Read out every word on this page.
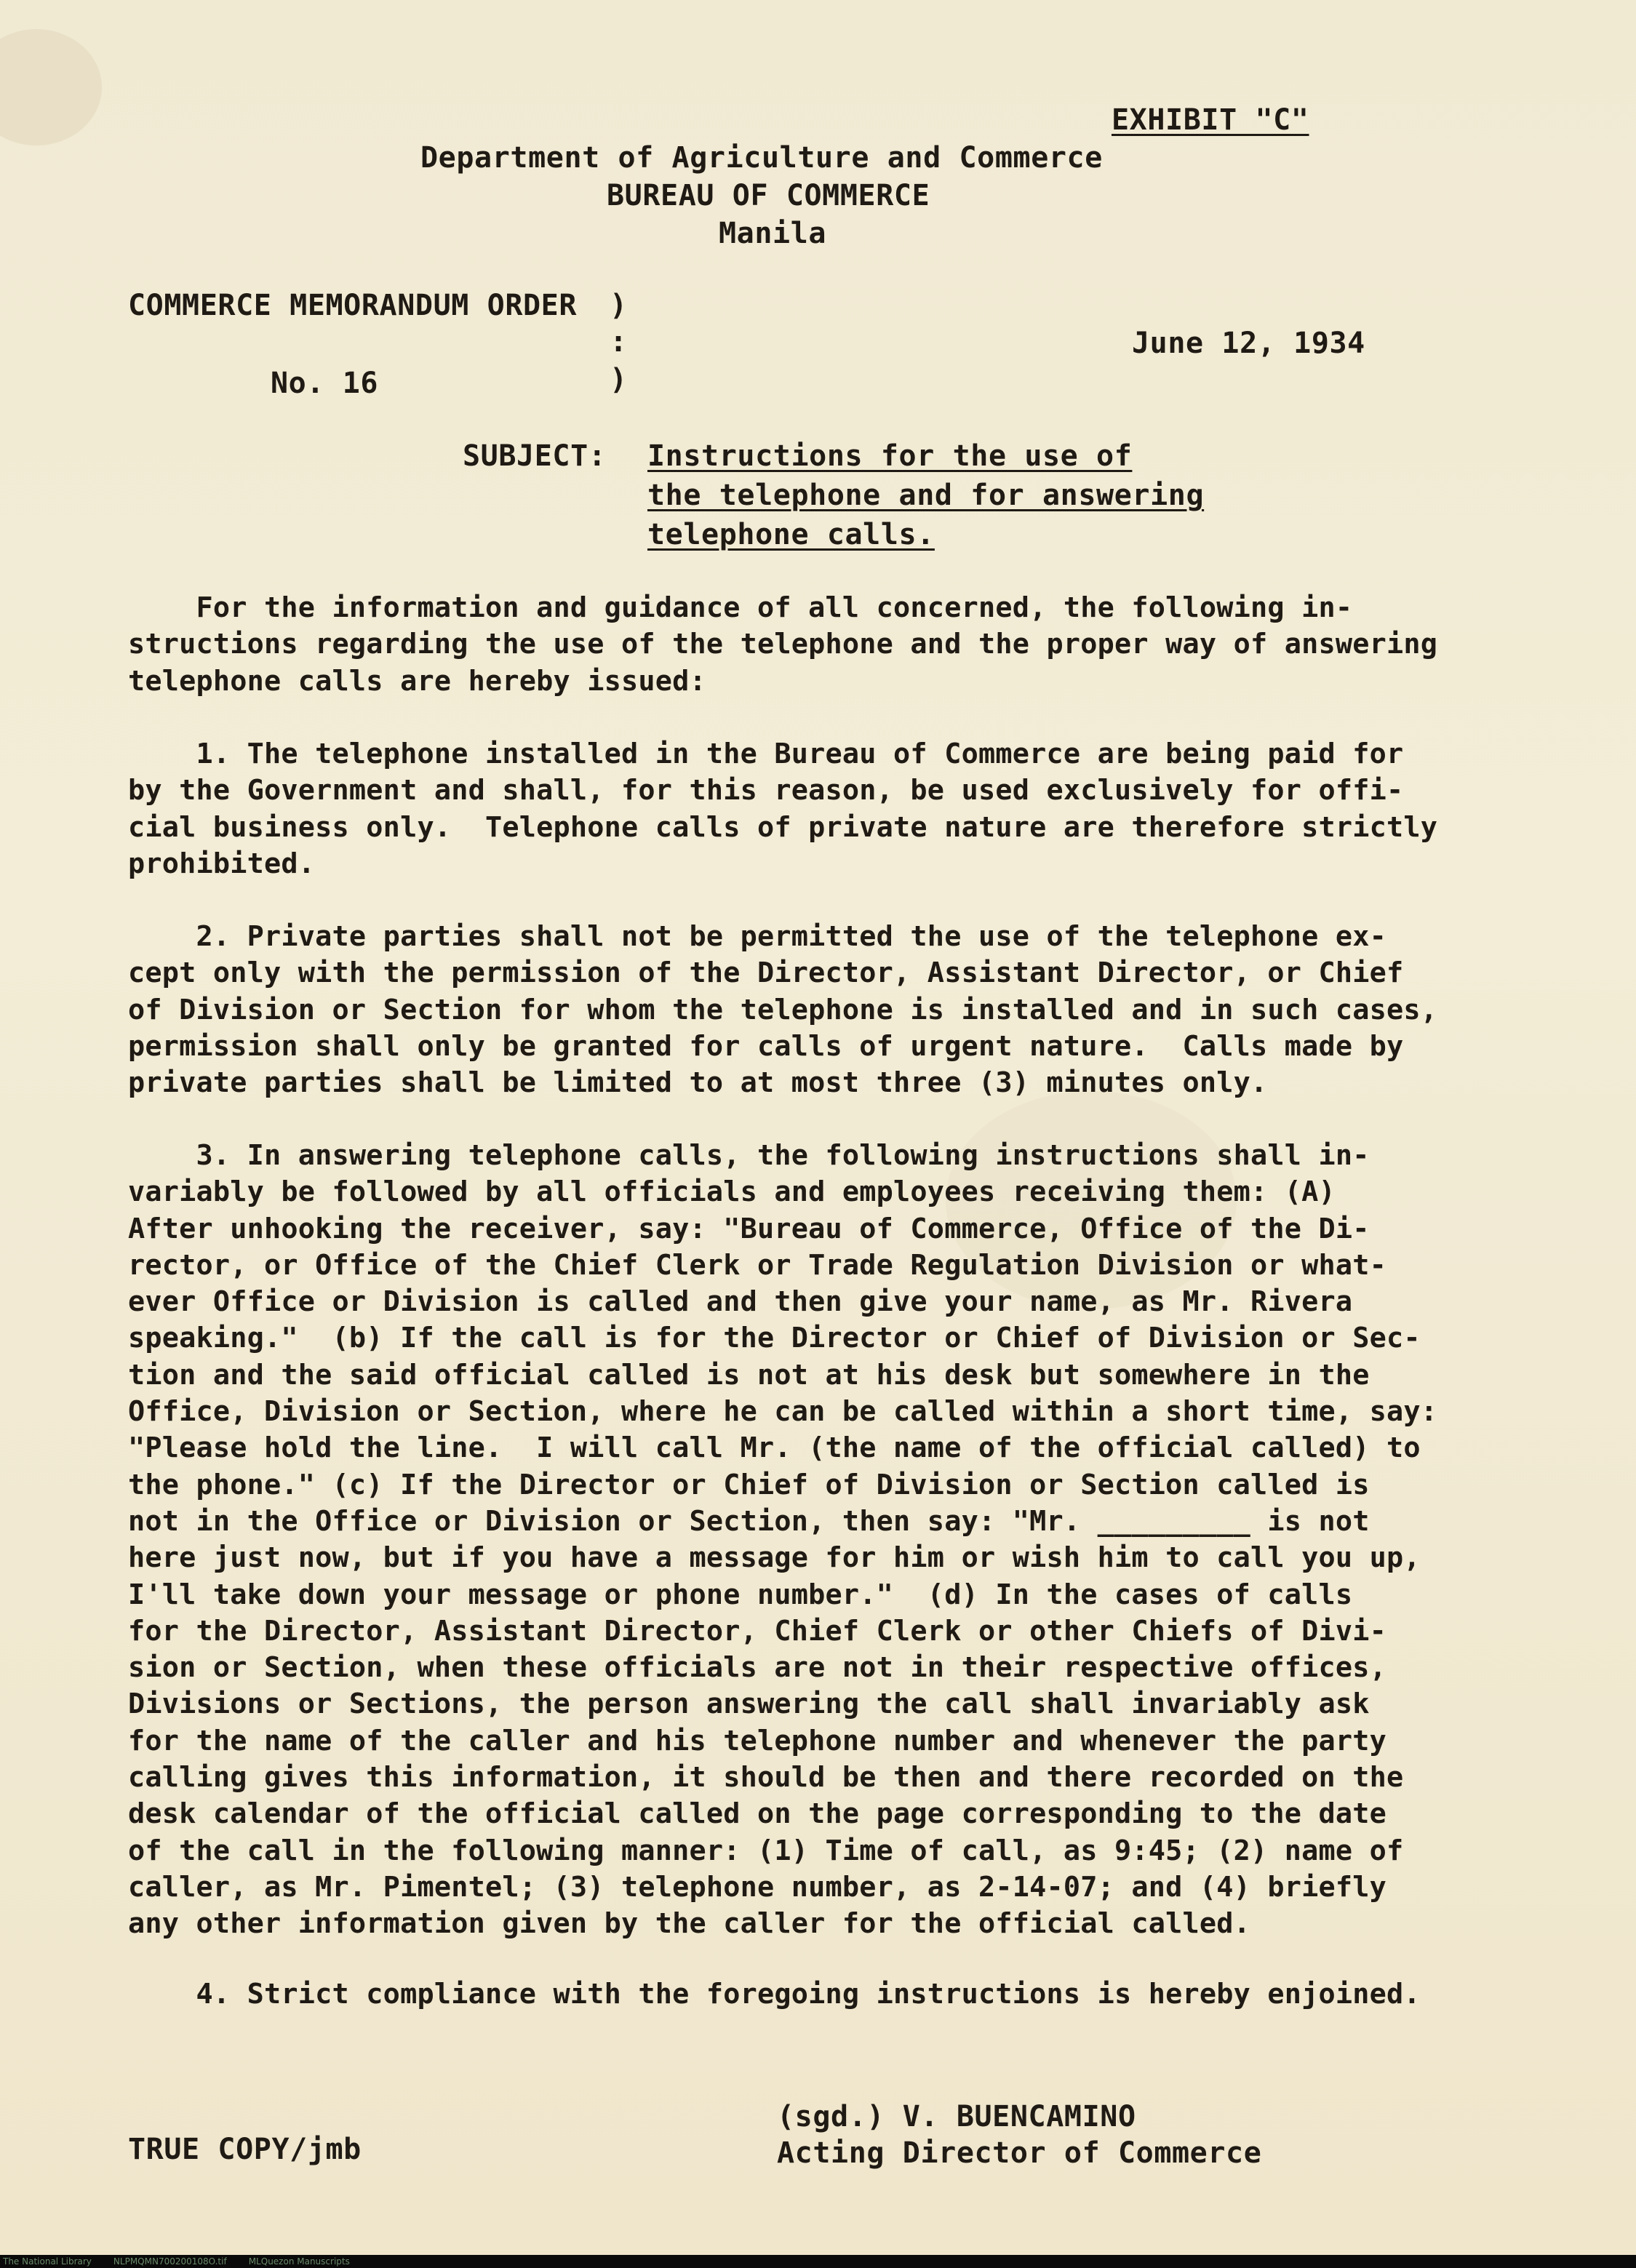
EXHIBIT "C"
Department of Agriculture and Commerce
BUREAU OF COMMERCE
Manila
COMMERCE MEMORANDUM ORDER )
:
)
No. 16
June 12, 1934
SUBJECT: Instructions for the use of
the telephone and for answering
telephone calls.
For the information and guidance of all concerned, the following in-
structions regarding the use of the telephone and the proper way of answering
telephone calls are hereby issued:
1. The telephone installed in the Bureau of Commerce are being paid for
by the Government and shall, for this reason, be used exclusively for offi-
cial business only.  Telephone calls of private nature are therefore strictly
prohibited.
2. Private parties shall not be permitted the use of the telephone ex-
cept only with the permission of the Director, Assistant Director, or Chief
of Division or Section for whom the telephone is installed and in such cases,
permission shall only be granted for calls of urgent nature.  Calls made by
private parties shall be limited to at most three (3) minutes only.
3. In answering telephone calls, the following instructions shall in-
variably be followed by all officials and employees receiving them: (A)
After unhooking the receiver, say: "Bureau of Commerce, Office of the Di-
rector, or Office of the Chief Clerk or Trade Regulation Division or what-
ever Office or Division is called and then give your name, as Mr. Rivera
speaking."  (b) If the call is for the Director or Chief of Division or Sec-
tion and the said official called is not at his desk but somewhere in the
Office, Division or Section, where he can be called within a short time, say:
"Please hold the line.  I will call Mr. (the name of the official called) to
the phone." (c) If the Director or Chief of Division or Section called is
not in the Office or Division or Section, then say: "Mr. _________ is not
here just now, but if you have a message for him or wish him to call you up,
I'll take down your message or phone number."  (d) In the cases of calls
for the Director, Assistant Director, Chief Clerk or other Chiefs of Divi-
sion or Section, when these officials are not in their respective offices,
Divisions or Sections, the person answering the call shall invariably ask
for the name of the caller and his telephone number and whenever the party
calling gives this information, it should be then and there recorded on the
desk calendar of the official called on the page corresponding to the date
of the call in the following manner: (1) Time of call, as 9:45; (2) name of
caller, as Mr. Pimentel; (3) telephone number, as 2-14-07; and (4) briefly
any other information given by the caller for the official called.
4. Strict compliance with the foregoing instructions is hereby enjoined.
(sgd.) V. BUENCAMINO
Acting Director of Commerce
TRUE COPY/jmb
The National Library	NLPMQMN700200108O.tif	MLQuezon Manuscripts
